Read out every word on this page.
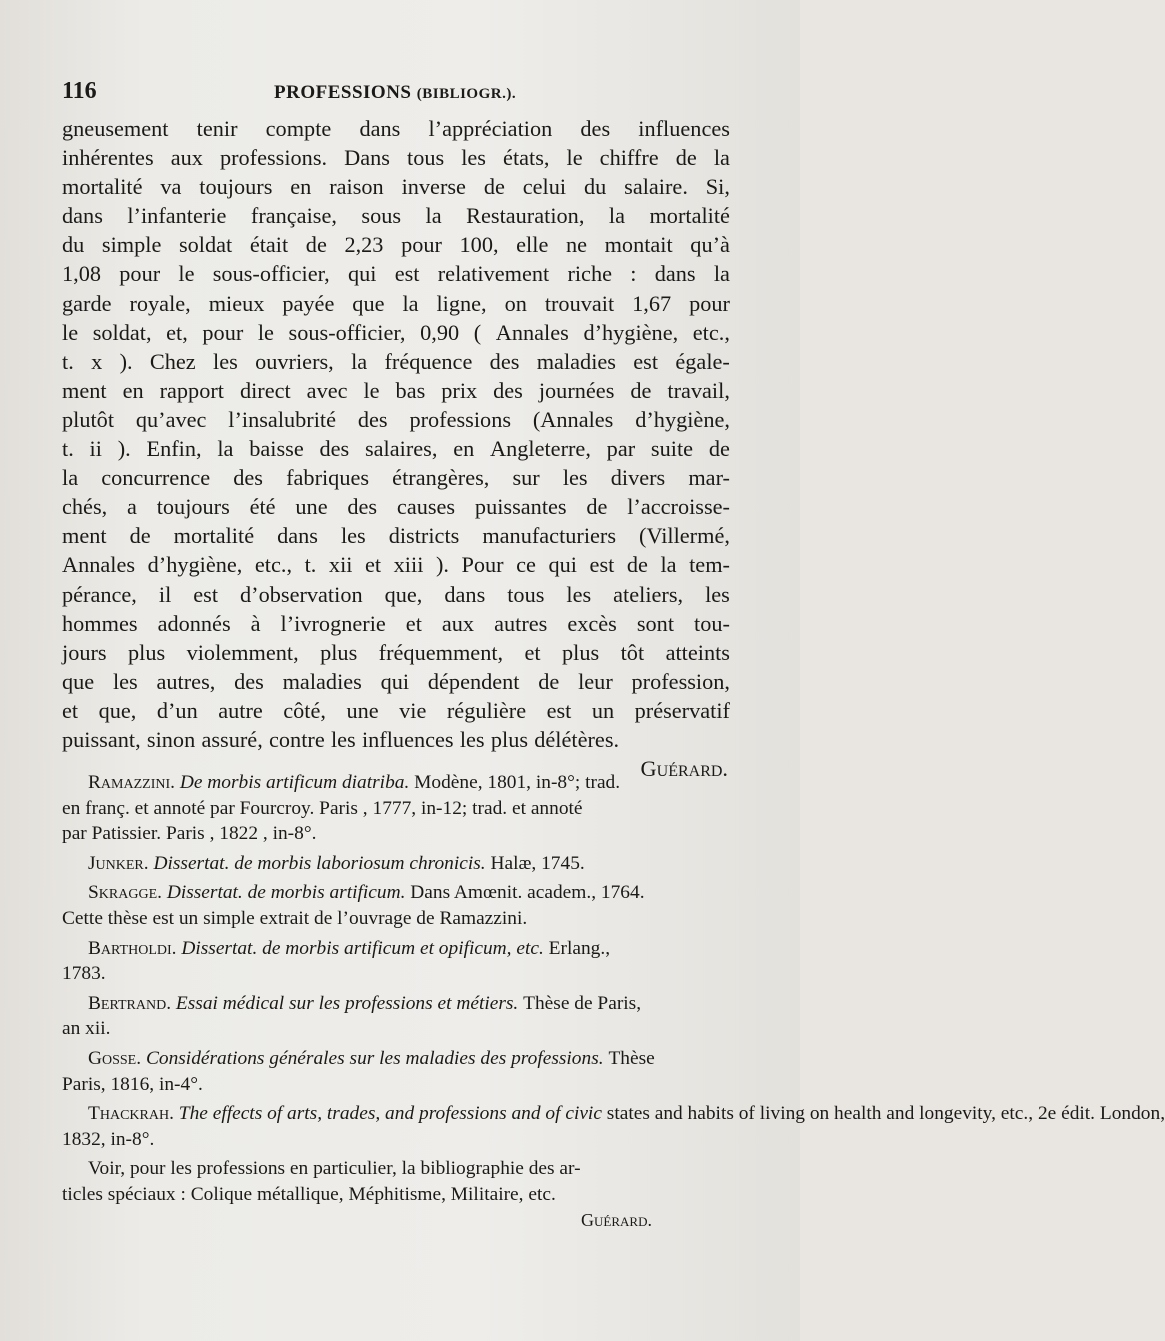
116	PROFESSIONS (BIBLIOGR.).
gneusement tenir compte dans l’appréciation des influences
inhérentes aux professions. Dans tous les états, le chiffre de la
mortalité va toujours en raison inverse de celui du salaire. Si,
dans l’infanterie française, sous la Restauration, la mortalité
du simple soldat était de 2,23 pour 100, elle ne montait qu’à
1,08 pour le sous-officier, qui est relativement riche : dans la
garde royale, mieux payée que la ligne, on trouvait 1,67 pour
le soldat, et, pour le sous-officier, 0,90 ( Annales d’hygiène, etc.,
t. x ). Chez les ouvriers, la fréquence des maladies est égale-
ment en rapport direct avec le bas prix des journées de travail,
plutôt qu’avec l’insalubrité des professions (Annales d’hygiène,
t. ii ). Enfin, la baisse des salaires, en Angleterre, par suite de
la concurrence des fabriques étrangères, sur les divers mar-
chés, a toujours été une des causes puissantes de l’accroisse-
ment de mortalité dans les districts manufacturiers (Villermé,
Annales d’hygiène, etc., t. xii et xiii ). Pour ce qui est de la tem-
pérance, il est d’observation que, dans tous les ateliers, les
hommes adonnés à l’ivrognerie et aux autres excès sont tou-
jours plus violemment, plus fréquemment, et plus tôt atteints
que les autres, des maladies qui dépendent de leur profession,
et que, d’un autre côté, une vie régulière est un préservatif
puissant, sinon assuré, contre les influences les plus délétères.
Guérard.
Ramazzini. De morbis artificum diatriba. Modène, 1801, in-8°; trad.
en franç. et annoté par Fourcroy. Paris , 1777, in-12; trad. et annoté
par Patissier. Paris , 1822 , in-8°.
Junker. Dissertat. de morbis laboriosum chronicis. Halæ, 1745.
Skragge. Dissertat. de morbis artificum. Dans Amœnit. academ., 1764.
Cette thèse est un simple extrait de l’ouvrage de Ramazzini.
Bartholdi. Dissertat. de morbis artificum et opificum, etc. Erlang.,
1783.
Bertrand. Essai médical sur les professions et métiers. Thèse de Paris,
an xii.
Gosse. Considérations générales sur les maladies des professions. Thèse
Paris, 1816, in-4°.
Thackrah. The effects of arts, trades, and professions and of civic states and habits of living on health and longevity, etc., 2e édit. London,
1832, in-8°.
Voir, pour les professions en particulier, la bibliographie des ar-
ticles spéciaux : Colique métallique, Méphitisme, Militaire, etc.
Guérard.
